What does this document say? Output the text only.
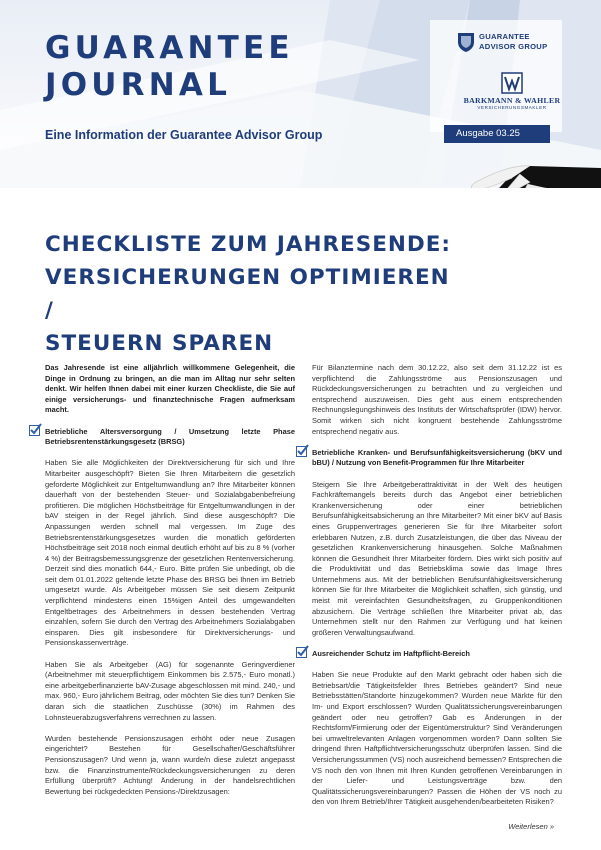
GUARANTEE
JOURNAL

Eine Information der Guarantee Advisor Group

GUARANTEE
ADVISOR GROUP
BARKMANN & WAHLER
VERSICHERUNGSMAKLER
Ausgabe 03.25
CHECKLISTE ZUM JAHRESENDE:
VERSICHERUNGEN OPTIMIEREN /
STEUERN SPAREN

Das Jahresende ist eine alljährlich willkommene Gelegenheit, die Dinge in Ordnung zu bringen, an die man im Alltag nur sehr selten denkt. Wir helfen Ihnen dabei mit einer kurzen Checkliste, die Sie auf einige versicherungs- und finanztechnische Fragen aufmerksam macht.

Betriebliche Altersversorgung / Umsetzung letzte Phase Betriebsrentenstärkungsgesetz (BRSG)

Haben Sie alle Möglichkeiten der Direktversicherung für sich und Ihre Mitarbeiter ausgeschöpft? Bieten Sie Ihren Mitarbeitern die gesetzlich geforderte Möglichkeit zur Entgeltumwandlung an? Ihre Mitarbeiter können dauerhaft von der bestehenden Steuer- und Sozialabgabenbefreiung profitieren. Die möglichen Höchstbeiträge für Entgeltumwandlungen in der bAV steigen in der Regel jährlich. Sind diese ausgeschöpft? Die Anpassungen werden schnell mal vergessen. Im Zuge des Betriebsrentenstärkungsgesetzes wurden die monatlich geförderten Höchstbeiträge seit 2018 noch einmal deutlich erhöht auf bis zu 8 % (vorher 4 %) der Beitragsbemessungsgrenze der gesetzlichen Rentenversicherung. Derzeit sind dies monatlich 644,- Euro. Bitte prüfen Sie unbedingt, ob die seit dem 01.01.2022 geltende letzte Phase des BRSG bei Ihnen im Betrieb umgesetzt wurde. Als Arbeitgeber müssen Sie seit diesem Zeitpunkt verpflichtend mindestens einen 15%igen Anteil des umgewandelten Entgeltbetrages des Arbeitnehmers in dessen bestehenden Vertrag einzahlen, sofern Sie durch den Vertrag des Arbeitnehmers Sozialabgaben einsparen. Dies gilt insbesondere für Direktversicherungs- und Pensionskassenverträge.

Haben Sie als Arbeitgeber (AG) für sogenannte Geringverdiener (Arbeitnehmer mit steuerpflichtigem Einkommen bis 2.575,- Euro monatl.) eine arbeitgeberfinanzierte bAV-Zusage abgeschlossen mit mind. 240,- und max. 960,- Euro jährlichem Beitrag, oder möchten Sie dies tun? Denken Sie daran sich die staatlichen Zuschüsse (30%) im Rahmen des Lohnsteuerabzugsverfahrens verrechnen zu lassen.

Wurden bestehende Pensionszusagen erhöht oder neue Zusagen eingerichtet? Bestehen für Gesellschafter/Geschäftsführer Pensionszusagen? Und wenn ja, wann wurde/n diese zuletzt angepasst bzw. die Finanzinstrumente/Rückdeckungsversicherungen zu deren Erfüllung überprüft? Achtung! Änderung in der handelsrechtlichen Bewertung bei rückgedeckten Pensions-/Direktzusagen:

Für Bilanztermine nach dem 30.12.22, also seit dem 31.12.22 ist es verpflichtend die Zahlungsströme aus Pensionszusagen und Rückdeckungsversicherungen zu betrachten und zu vergleichen und entsprechend auszuweisen. Dies geht aus einem entsprechenden Rechnungslegungshinweis des Instituts der Wirtschaftsprüfer (IDW) hervor. Somit wirken sich nicht kongruent bestehende Zahlungsströme entsprechend negativ aus.

Betriebliche Kranken- und Berufsunfähigkeitsversicherung (bKV und bBU) / Nutzung von Benefit-Programmen für Ihre Mitarbeiter

Steigern Sie Ihre Arbeitgeberattraktivität in der Welt des heutigen Fachkräftemangels bereits durch das Angebot einer betrieblichen Krankenversicherung oder einer betrieblichen Berufsunfähigkeitsabsicherung an Ihre Mitarbeiter? Mit einer bKV auf Basis eines Gruppenvertrages generieren Sie für Ihre Mitarbeiter sofort erlebbaren Nutzen, z.B. durch Zusatzleistungen, die über das Niveau der gesetzlichen Krankenversicherung hinausgehen. Solche Maßnahmen können die Gesundheit Ihrer Mitarbeiter fördern. Dies wirkt sich positiv auf die Produktivität und das Betriebsklima sowie das Image Ihres Unternehmens aus. Mit der betrieblichen Berufsunfähigkeitsversicherung können Sie für Ihre Mitarbeiter die Möglichkeit schaffen, sich günstig, und meist mit vereinfachten Gesundheitsfragen, zu Gruppenkonditionen abzusichern. Die Verträge schließen Ihre Mitarbeiter privat ab, das Unternehmen stellt nur den Rahmen zur Verfügung und hat keinen größeren Verwaltungsaufwand.

Ausreichender Schutz im Haftpflicht-Bereich

Haben Sie neue Produkte auf den Markt gebracht oder haben sich die Betriebsart/die Tätigkeitsfelder Ihres Betriebes geändert? Sind neue Betriebsstätten/Standorte hinzugekommen? Wurden neue Märkte für den Im- und Export erschlossen? Wurden Qualitätssicherungsvereinbarungen geändert oder neu getroffen? Gab es Änderungen in der Rechtsform/Firmierung oder der Eigentümerstruktur? Sind Veränderungen bei umweltrelevanten Anlagen vorgenommen worden? Dann sollten Sie dringend Ihren Haftpflichtversicherungsschutz überprüfen lassen. Sind die Versicherungssummen (VS) noch ausreichend bemessen? Entsprechen die VS noch den von Ihnen mit Ihren Kunden getroffenen Vereinbarungen in der Liefer- und Leistungsverträge bzw. den Qualitätssicherungsvereinbarungen? Passen die Höhen der VS noch zu den von Ihrem Betrieb/Ihrer Tätigkeit ausgehenden/bearbeiteten Risiken?

Weiterlesen »
